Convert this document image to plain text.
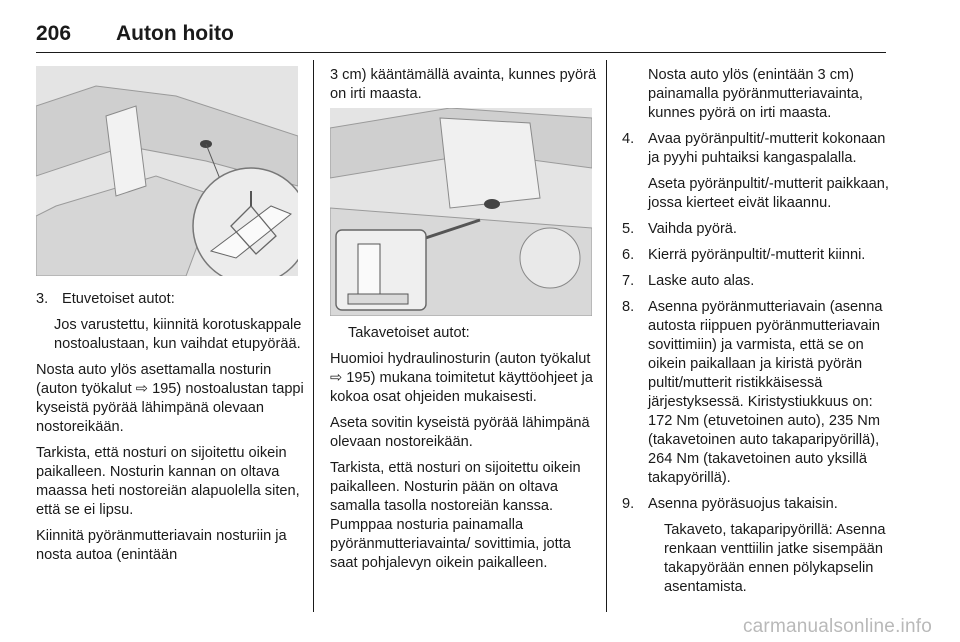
206 Auton hoito
3. Etuvetoiset autot:

Jos varustettu, kiinnitä korotuskappale nostoalustaan, kun vaihdat etupyörää.

Nosta auto ylös asettamalla nosturin (auton työkalut ⇨ 195) nostoalustan tappi kyseistä pyörää lähimpänä olevaan nostoreikään.

Tarkista, että nosturi on sijoitettu oikein paikalleen. Nosturin kannan on oltava maassa heti nostoreiän alapuolella siten, että se ei lipsu.

Kiinnitä pyöränmutteriavain nosturiin ja nosta autoa (enintään

3 cm) kääntämällä avainta, kunnes pyörä on irti maasta.

Takavetoiset autot:

Huomioi hydraulinosturin (auton työkalut ⇨ 195) mukana toimitetut käyttöohjeet ja kokoa osat ohjeiden mukaisesti.

Aseta sovitin kyseistä pyörää lähimpänä olevaan nostoreikään.

Tarkista, että nosturi on sijoitettu oikein paikalleen. Nosturin pään on oltava samalla tasolla nostoreiän kanssa. Pumppaa nosturia painamalla pyöränmutteriavainta/ sovittimia, jotta saat pohjalevyn oikein paikalleen.

Nosta auto ylös (enintään 3 cm) painamalla pyöränmutteriavainta, kunnes pyörä on irti maasta.

4. Avaa pyöränpultit/-mutterit kokonaan ja pyyhi puhtaiksi kangaspalalla.

Aseta pyöränpultit/-mutterit paikkaan, jossa kierteet eivät likaannu.

5. Vaihda pyörä.
6. Kierrä pyöränpultit/-mutterit kiinni.
7. Laske auto alas.
8. Asenna pyöränmutteriavain (asenna autosta riippuen pyöränmutteriavain sovittimiin) ja varmista, että se on oikein paikallaan ja kiristä pyörän pultit/mutterit ristikkäisessä järjestyksessä. Kiristystiukkuus on: 172 Nm (etuvetoinen auto), 235 Nm (takavetoinen auto takaparipyörillä), 264 Nm (takavetoinen auto yksillä takapyörillä).
9. Asenna pyöräsuojus takaisin.

Takaveto, takaparipyörillä: Asenna renkaan venttiilin jatke sisempään takapyörään ennen pölykapselin asentamista.

carmanualsonline.info
